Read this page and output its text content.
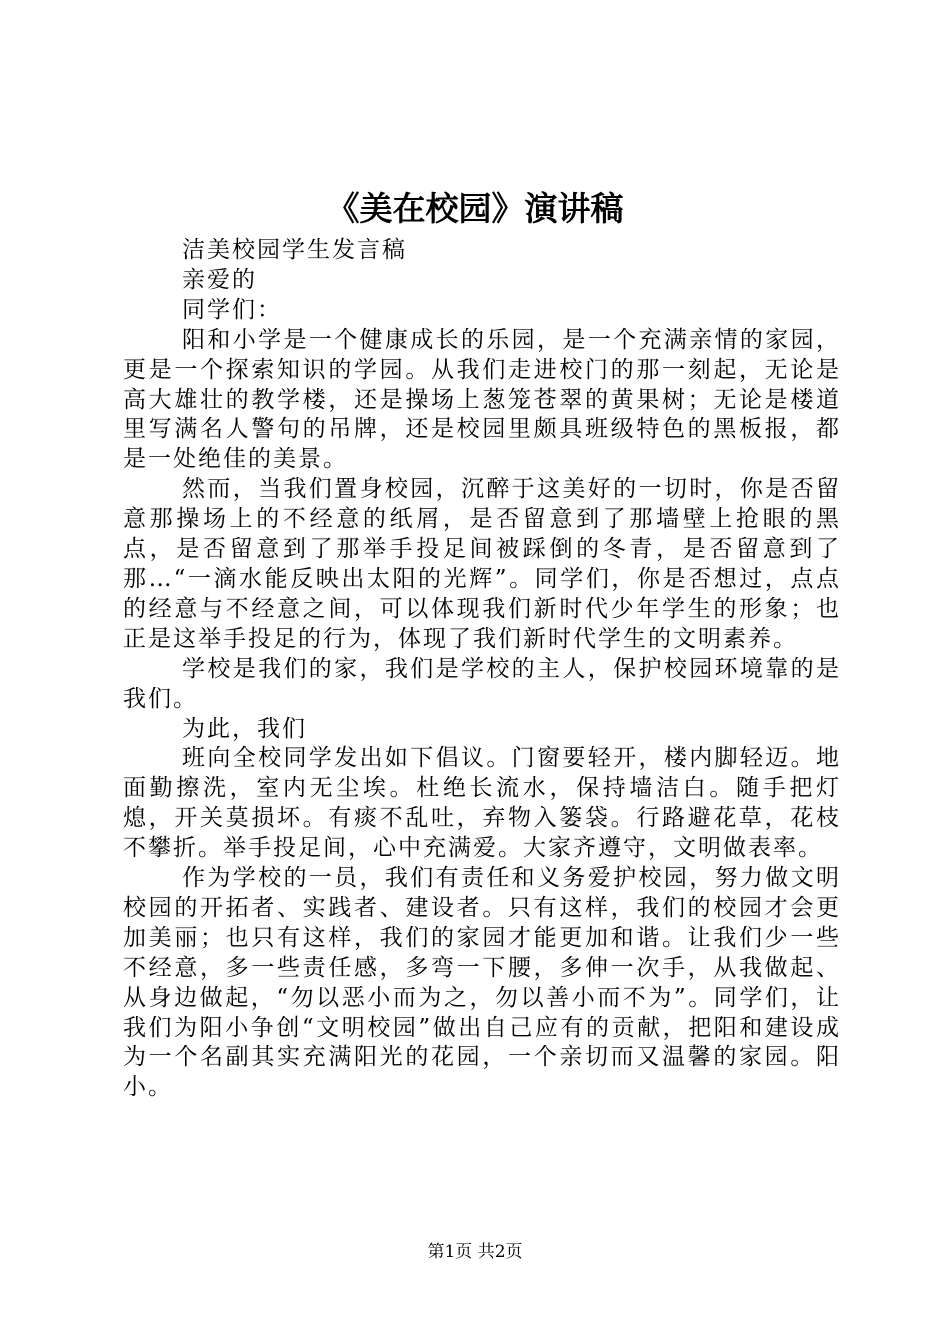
《美在校园》演讲稿

洁美校园学生发言稿

亲爱的

同学们：

阳和小学是一个健康成长的乐园，是一个充满亲情的家园，更是一个探索知识的学园。从我们走进校门的那一刻起，无论是高大雄壮的教学楼，还是操场上葱笼苍翠的黄果树；无论是楼道里写满名人警句的吊牌，还是校园里颇具班级特色的黑板报，都是一处绝佳的美景。

然而，当我们置身校园，沉醉于这美好的一切时，你是否留意那操场上的不经意的纸屑，是否留意到了那墙壁上抢眼的黑点，是否留意到了那举手投足间被踩倒的冬青，是否留意到了那…“一滴水能反映出太阳的光辉”。同学们，你是否想过，点点的经意与不经意之间，可以体现我们新时代少年学生的形象；也正是这举手投足的行为，体现了我们新时代学生的文明素养。

学校是我们的家，我们是学校的主人，保护校园环境靠的是我们。

为此，我们

班向全校同学发出如下倡议。门窗要轻开，楼内脚轻迈。地面勤擦洗，室内无尘埃。杜绝长流水，保持墙洁白。随手把灯熄，开关莫损坏。有痰不乱吐，弃物入篓袋。行路避花草，花枝不攀折。举手投足间，心中充满爱。大家齐遵守，文明做表率。

作为学校的一员，我们有责任和义务爱护校园，努力做文明校园的开拓者、实践者、建设者。只有这样，我们的校园才会更加美丽；也只有这样，我们的家园才能更加和谐。让我们少一些不经意，多一些责任感，多弯一下腰，多伸一次手，从我做起、从身边做起，“勿以恶小而为之，勿以善小而不为”。同学们，让我们为阳小争创“文明校园”做出自己应有的贡献，把阳和建设成为一个名副其实充满阳光的花园，一个亲切而又温馨的家园。阳小。

第1页 共2页
